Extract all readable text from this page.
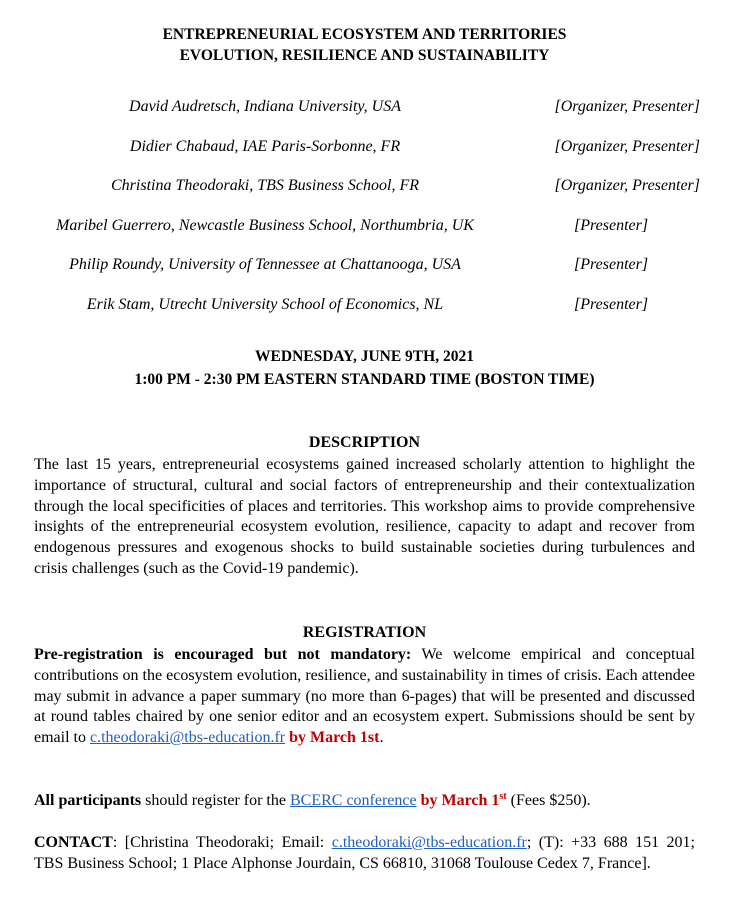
ENTREPRENEURIAL ECOSYSTEM AND TERRITORIES
EVOLUTION, RESILIENCE AND SUSTAINABILITY
David Audretsch, Indiana University, USA	[Organizer, Presenter]
Didier Chabaud, IAE Paris-Sorbonne, FR	[Organizer, Presenter]
Christina Theodoraki, TBS Business School, FR	[Organizer, Presenter]
Maribel Guerrero, Newcastle Business School, Northumbria, UK	[Presenter]
Philip Roundy, University of Tennessee at Chattanooga, USA	[Presenter]
Erik Stam, Utrecht University School of Economics, NL	[Presenter]
WEDNESDAY, JUNE 9TH, 2021
1:00 PM - 2:30 PM EASTERN STANDARD TIME (BOSTON TIME)
DESCRIPTION
The last 15 years, entrepreneurial ecosystems gained increased scholarly attention to highlight the importance of structural, cultural and social factors of entrepreneurship and their contextualization through the local specificities of places and territories. This workshop aims to provide comprehensive insights of the entrepreneurial ecosystem evolution, resilience, capacity to adapt and recover from endogenous pressures and exogenous shocks to build sustainable societies during turbulences and crisis challenges (such as the Covid-19 pandemic).
REGISTRATION
Pre-registration is encouraged but not mandatory: We welcome empirical and conceptual contributions on the ecosystem evolution, resilience, and sustainability in times of crisis. Each attendee may submit in advance a paper summary (no more than 6-pages) that will be presented and discussed at round tables chaired by one senior editor and an ecosystem expert. Submissions should be sent by email to c.theodoraki@tbs-education.fr by March 1st.
All participants should register for the BCERC conference by March 1st (Fees $250).
CONTACT: [Christina Theodoraki; Email: c.theodoraki@tbs-education.fr; (T): +33 688 151 201; TBS Business School; 1 Place Alphonse Jourdain, CS 66810, 31068 Toulouse Cedex 7, France].
